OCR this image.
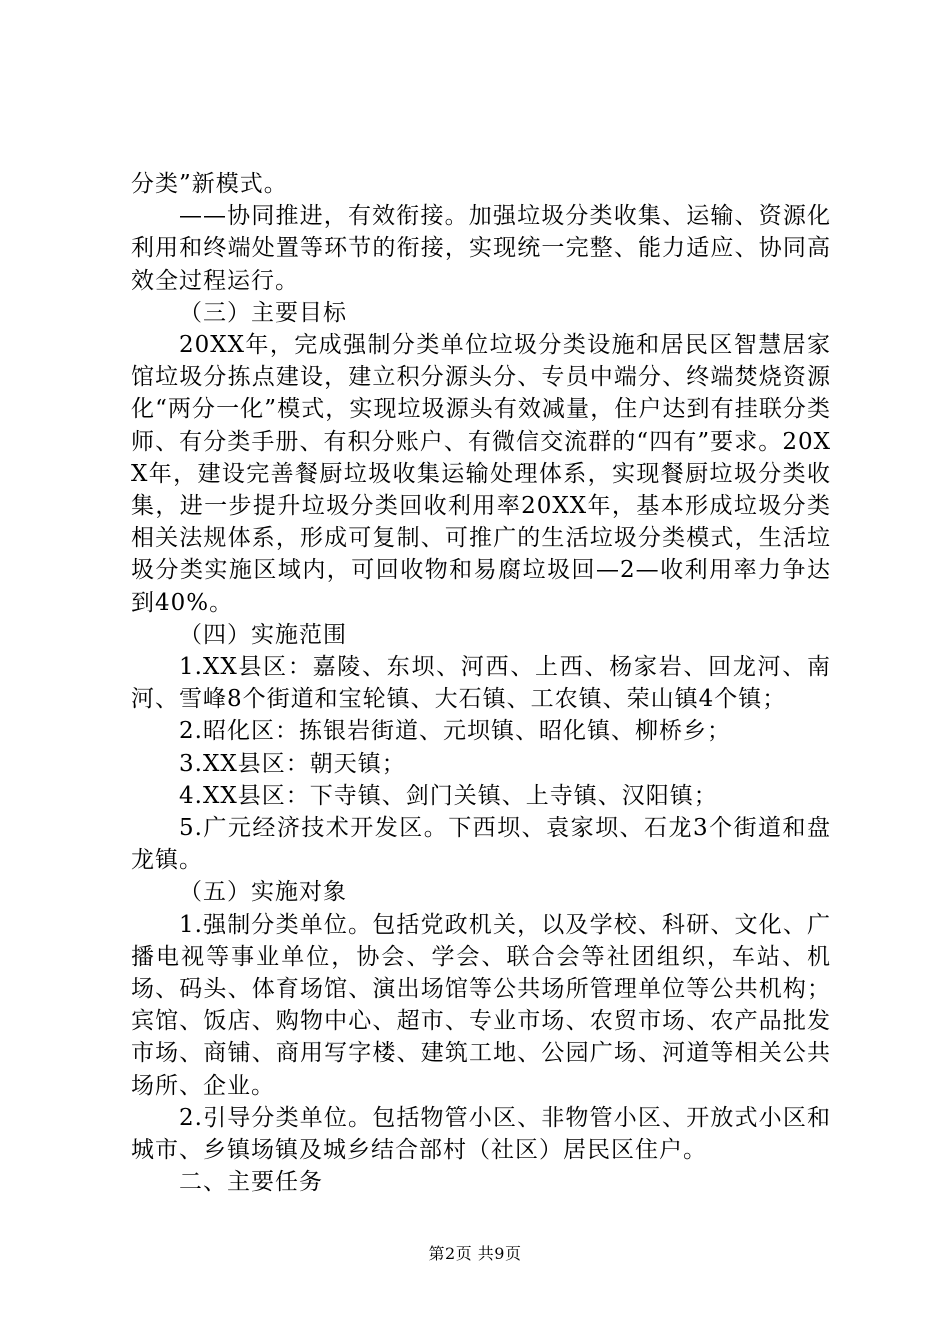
分类”新模式。

——协同推进，有效衔接。加强垃圾分类收集、运输、资源化利用和终端处置等环节的衔接，实现统一完整、能力适应、协同高效全过程运行。

（三）主要目标

20XX年，完成强制分类单位垃圾分类设施和居民区智慧居家馆垃圾分拣点建设，建立积分源头分、专员中端分、终端焚烧资源化“两分一化”模式，实现垃圾源头有效减量，住户达到有挂联分类师、有分类手册、有积分账户、有微信交流群的“四有”要求。20XX年，建设完善餐厨垃圾收集运输处理体系，实现餐厨垃圾分类收集，进一步提升垃圾分类回收利用率20XX年，基本形成垃圾分类相关法规体系，形成可复制、可推广的生活垃圾分类模式，生活垃圾分类实施区域内，可回收物和易腐垃圾回—2—收利用率力争达到40%。

（四）实施范围

1.XX县区：嘉陵、东坝、河西、上西、杨家岩、回龙河、南河、雪峰8个街道和宝轮镇、大石镇、工农镇、荣山镇4个镇；

2.昭化区：拣银岩街道、元坝镇、昭化镇、柳桥乡；

3.XX县区：朝天镇；

4.XX县区：下寺镇、剑门关镇、上寺镇、汉阳镇；

5.广元经济技术开发区。下西坝、袁家坝、石龙3个街道和盘龙镇。

（五）实施对象

1.强制分类单位。包括党政机关，以及学校、科研、文化、广播电视等事业单位，协会、学会、联合会等社团组织，车站、机场、码头、体育场馆、演出场馆等公共场所管理单位等公共机构；宾馆、饭店、购物中心、超市、专业市场、农贸市场、农产品批发市场、商铺、商用写字楼、建筑工地、公园广场、河道等相关公共场所、企业。

2.引导分类单位。包括物管小区、非物管小区、开放式小区和城市、乡镇场镇及城乡结合部村（社区）居民区住户。

二、主要任务

第2页 共9页
